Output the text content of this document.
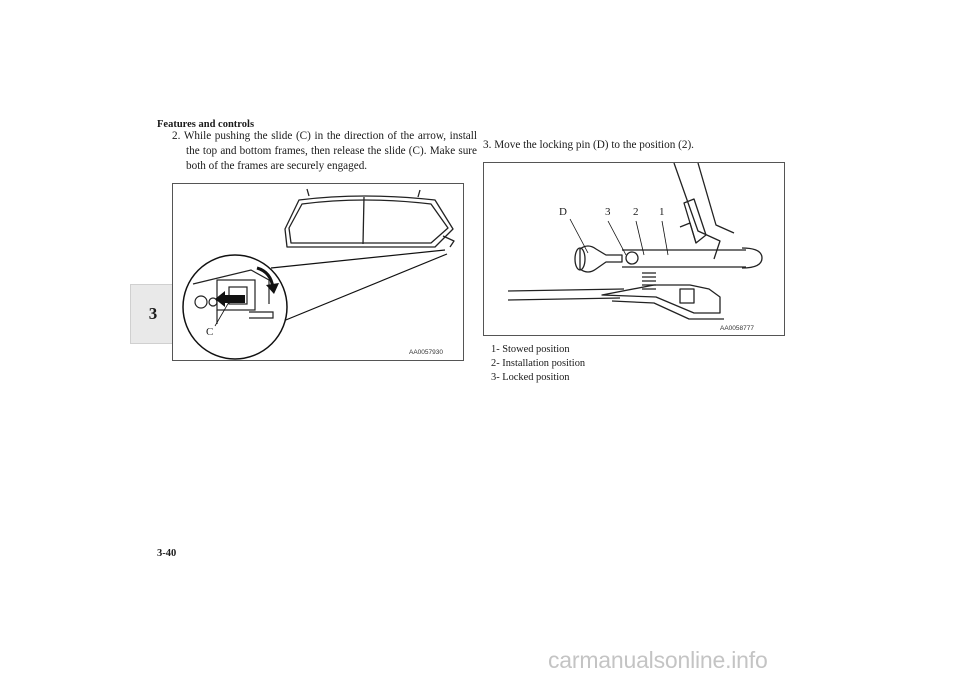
Features and controls
3
2. While pushing the slide (C) in the direction of the arrow, install the top and bottom frames, then release the slide (C). Make sure both of the frames are securely engaged.
3. Move the locking pin (D) to the position (2).
C
AA0057930
D	3 2 1
AA0058777
1- Stowed position
2- Installation position
3- Locked position
3-40
carmanualsonline.info
